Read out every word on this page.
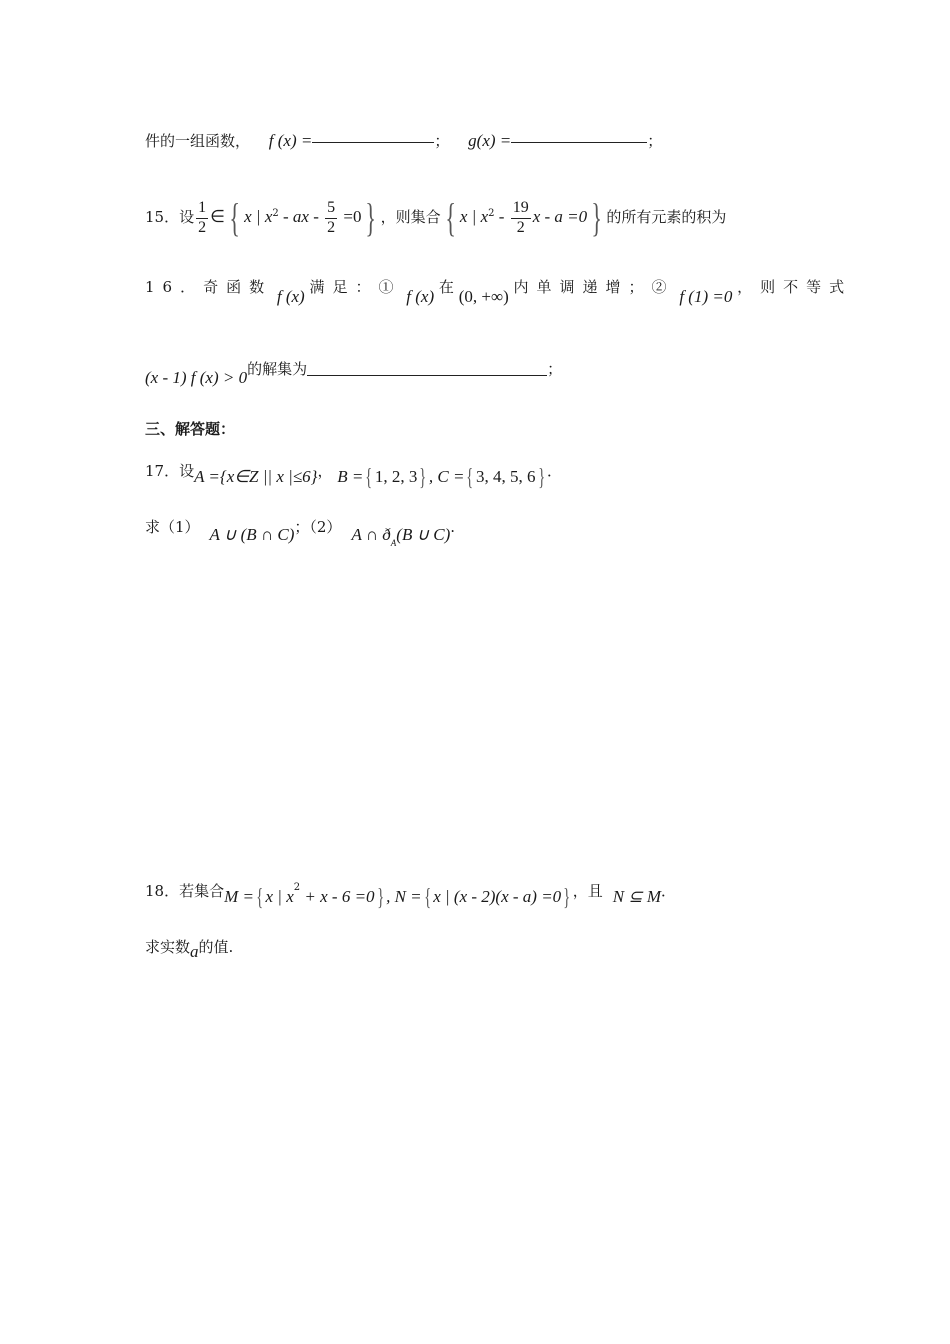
件的一组函数， f (x) =	； g(x) =	；
15．设 $\frac{1}{2}$ ∈ { x | $x^2$ - ax - $\frac{5}{2} =0$ } ，则集合 { x | $x^2 - \frac{19}{2}$ x - a =0 } 的所有元素的积为
16．奇函数 f (x) 满足：① f (x) 在 (0, +∞) 内单调递增；② f (1) =0 ，则不等式
(x - 1) f (x) > 0的解集为	；
三、解答题：
17．设A ={x∈Z || x |≤6}， B ={ 1, 2, 3} , C ={ 3, 4, 5, 6} ．
求（1） A ∪ (B ∩ C)；（2） A ∩ $ð_A(B$ ∪ C).
18．若集合M ={ x | $x^2 + x - 6 =0$} , N ={ x | (x - 2)(x - a) =0} ，且 N ⊆ M．
求实数a的值.
